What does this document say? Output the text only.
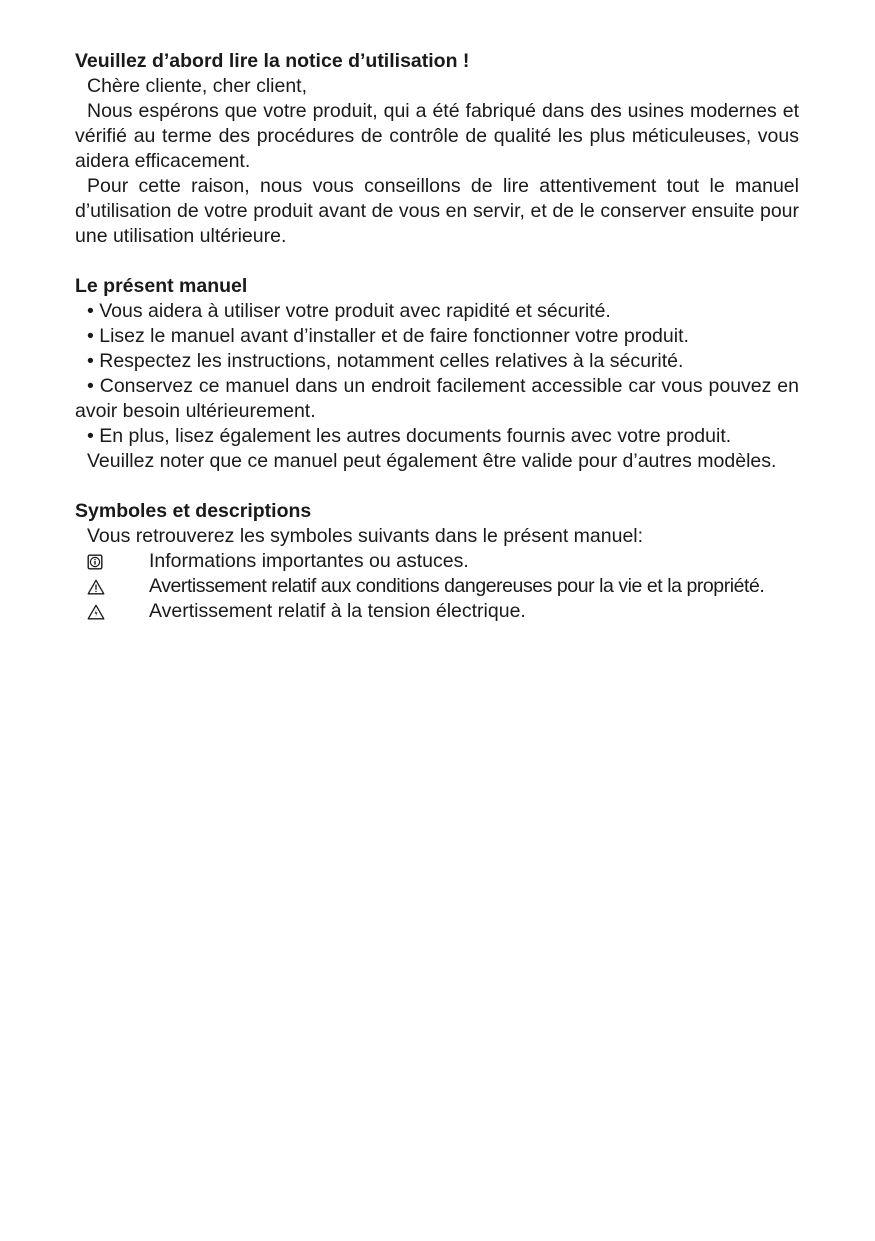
Veuillez d’abord lire la notice d’utilisation !

Chère cliente, cher client,

Nous espérons que votre produit, qui a été fabriqué dans des usines modernes et vérifié au terme des procédures de contrôle de qualité les plus méticuleuses, vous aidera efficacement.

Pour cette raison, nous vous conseillons de lire attentivement tout le manuel d’utilisation de votre produit avant de vous en servir, et de le conserver ensuite pour une utilisation ultérieure.

Le présent manuel

• Vous aidera à utiliser votre produit avec rapidité et sécurité.

• Lisez le manuel avant d’installer et de faire fonctionner votre produit.

• Respectez les instructions, notamment celles relatives à la sécurité.

• Conservez ce manuel dans un endroit facilement accessible car vous pouvez en avoir besoin ultérieurement.

• En plus, lisez également les autres documents fournis avec votre produit.

Veuillez noter que ce manuel peut également être valide pour d’autres modèles.

Symboles et descriptions

Vous retrouverez les symboles suivants dans le présent manuel:

Informations importantes ou astuces.
Avertissement relatif aux conditions dangereuses pour la vie et la propriété.
Avertissement relatif à la tension électrique.
